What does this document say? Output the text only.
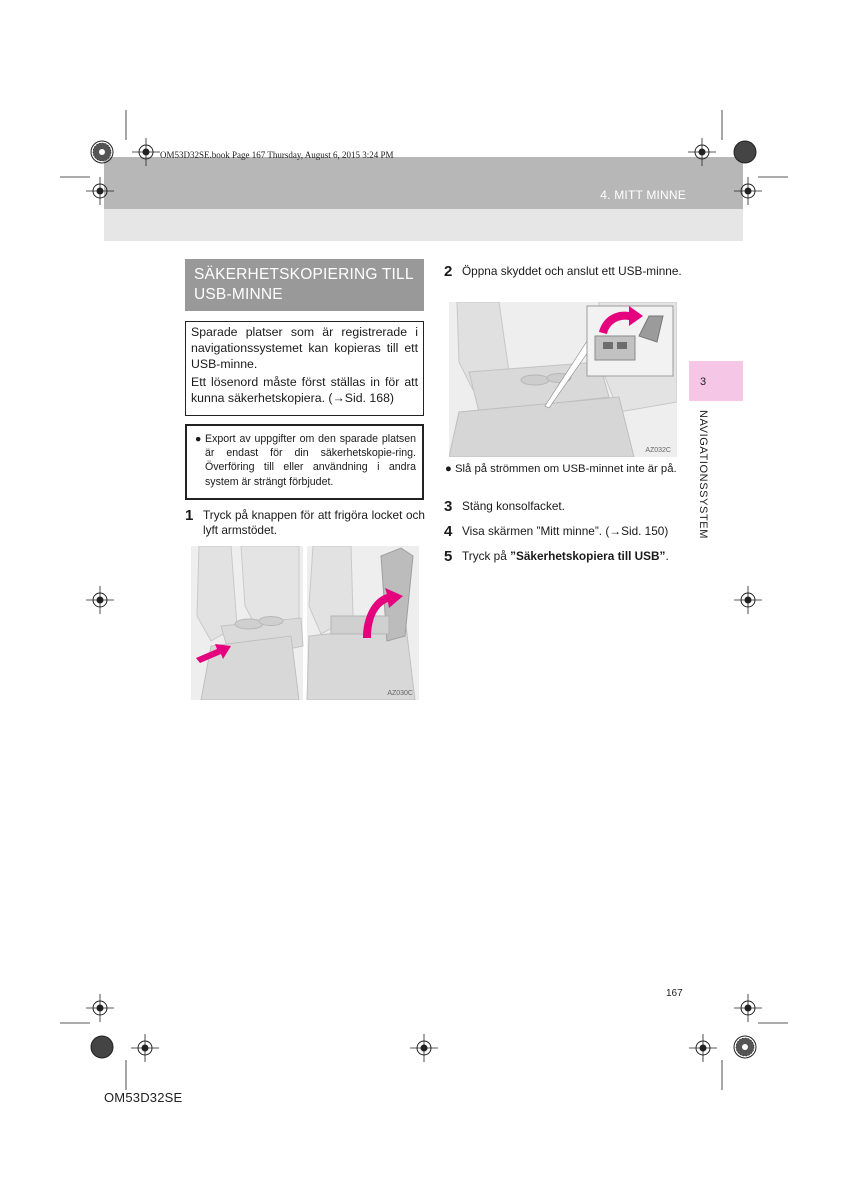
OM53D32SE.book Page 167 Thursday, August 6, 2015 3:24 PM
4. MITT MINNE
3
NAVIGATIONSSYSTEM
SÄKERHETSKOPIERING TILL USB-MINNE

Sparade platser som är registrerade i navigationssystemet kan kopieras till ett USB-minne.

Ett lösenord måste först ställas in för att kunna säkerhetskopiera. (→Sid. 168)

● Export av uppgifter om den sparade platsen är endast för din säkerhetskopie-ring. Överföring till eller användning i andra system är strängt förbjudet.
1 Tryck på knappen för att frigöra locket och lyft armstödet.
AZ030C
2 Öppna skyddet och anslut ett USB-minne.
AZ032C
● Slå på strömmen om USB-minnet inte är på.
3 Stäng konsolfacket.
4 Visa skärmen ”Mitt minne”. (→Sid. 150)
5 Tryck på ”Säkerhetskopiera till USB”.
167
OM53D32SE
